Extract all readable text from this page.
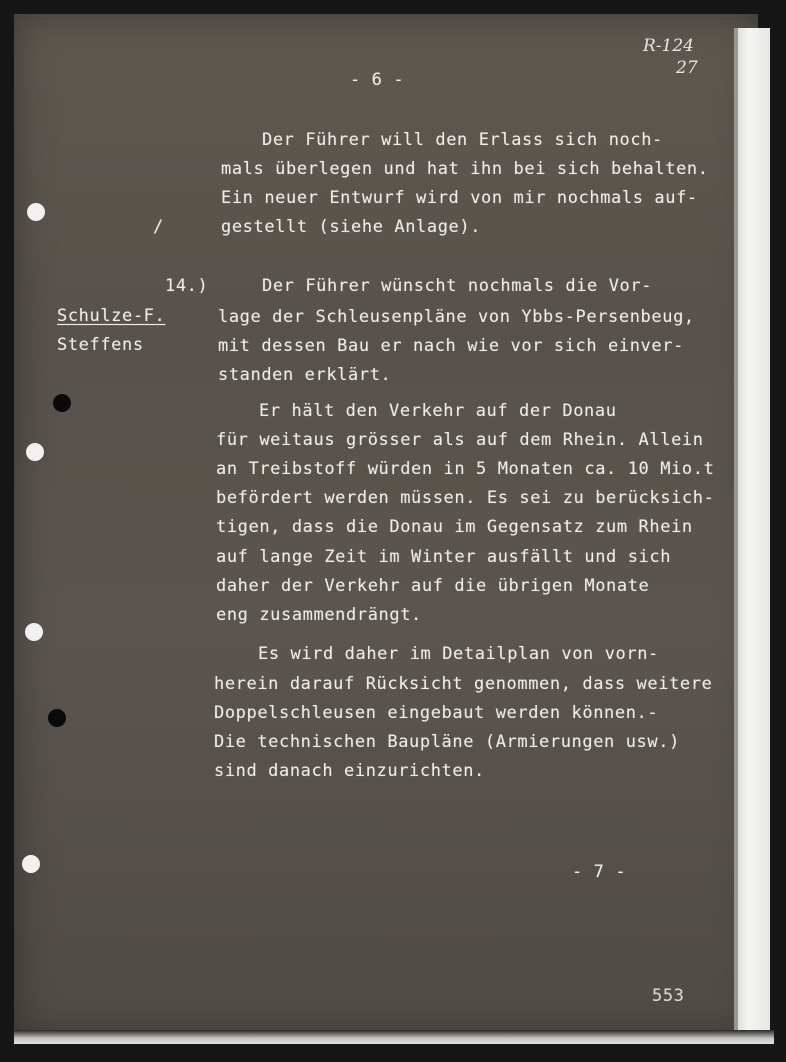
R-124
27
- 6 -
Der Führer will den Erlass sich noch-
mals überlegen und hat ihn bei sich behalten.
Ein neuer Entwurf wird von mir nochmals auf-
gestellt (siehe Anlage).
/
14.)
Schulze-F.
Steffens
Der Führer wünscht nochmals die Vor-
lage der Schleusenpläne von Ybbs-Persenbeug,
mit dessen Bau er nach wie vor sich einver-
standen erklärt.
Er hält den Verkehr auf der Donau
für weitaus grösser als auf dem Rhein. Allein
an Treibstoff würden in 5 Monaten ca. 10 Mio.t
befördert werden müssen. Es sei zu berücksich-
tigen, dass die Donau im Gegensatz zum Rhein
auf lange Zeit im Winter ausfällt und sich
daher der Verkehr auf die übrigen Monate
eng zusammendrängt.
Es wird daher im Detailplan von vorn-
herein darauf Rücksicht genommen, dass weitere
Doppelschleusen eingebaut werden können.-
Die technischen Baupläne (Armierungen usw.)
sind danach einzurichten.
- 7 -
553
